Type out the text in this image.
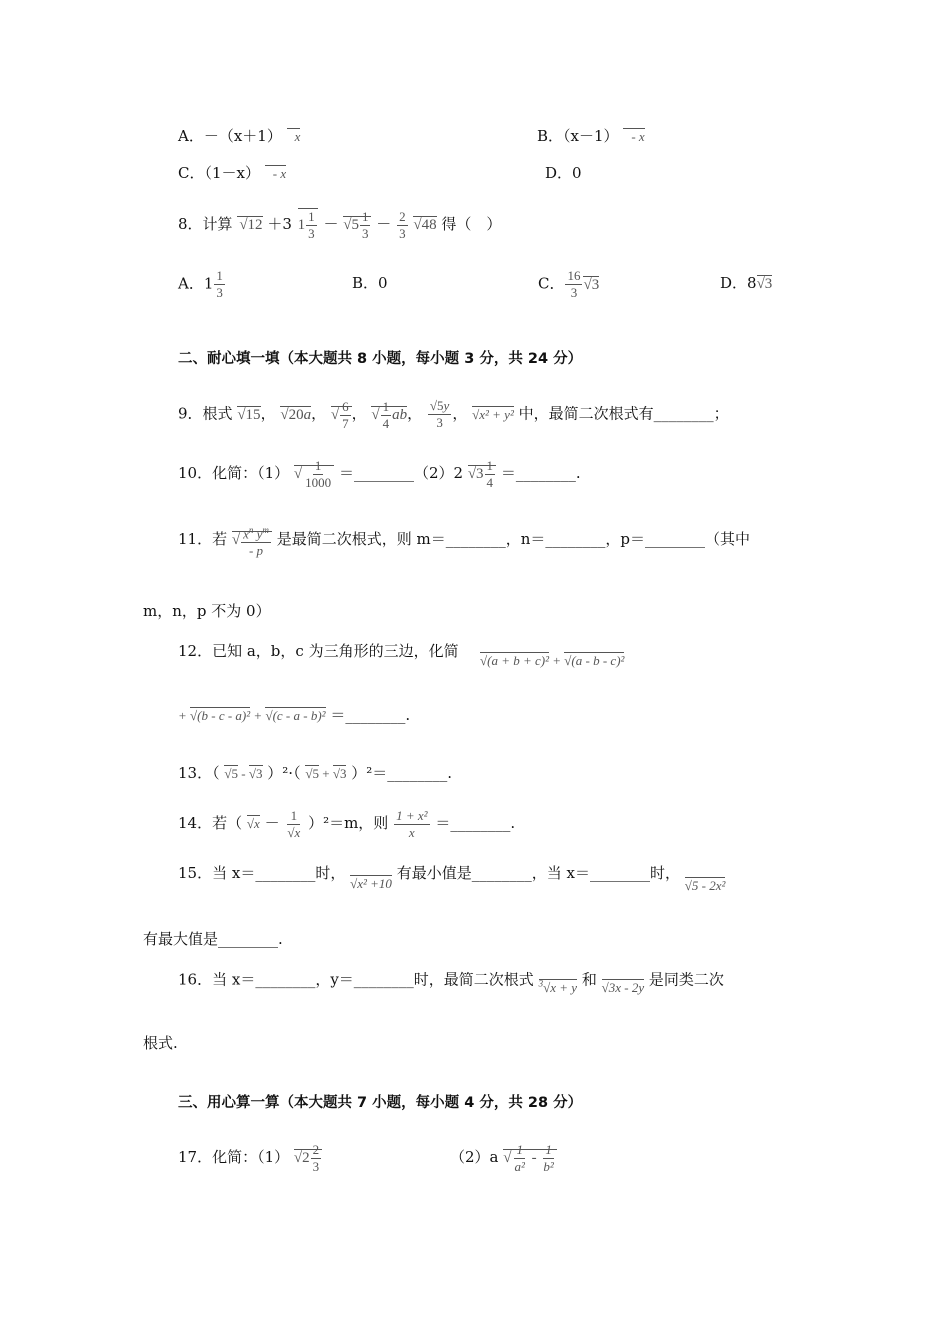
A．－（x＋1） x	B．（x－1） - x
C．（1－x） - x	D．0
8．计算 √12 ＋3 $1 \frac{1}{3} - √5 \frac{1}{3} - \frac{2}{3} √48$ 得（　）
A．$1 \frac{1}{3}$	B．0	C． $\frac{16}{3} √3$	D．8√3
二、耐心填一填（本大题共 8 小题，每小题 3 分，共 24 分）
9．根式 √15， √20a， √ $\frac{6}{7}$ ， √ $\frac{1}{4}$ ab， $\frac{√5y}{3}$ ， √x² + y² 中，最简二次根式有________；
10．化简：（1） √ $\frac{1}{1000}$ ＝________（2）2 $√3 \frac{1}{4}$ ＝________.
11．若 √ $\frac{x^n y^m}{- p}$ 是最简二次根式，则 m＝________，n＝________，p＝________（其中
m，n，p 不为 0）
12．已知 a，b，c 为三角形的三边，化简
√(a + b + c)² + √(a - b - c)²
+ √(b - c - a)² + √(c - a - b)² ＝________.
13．（ √5 - √3 ）²·（ √5 + √3 ）²＝________.
14．若（ $√x - \frac{1}{√x} )^2=m$，则 $\frac{\text{1 + x²}}{x}$ ＝________.
15．当 x＝________时， √x² +10 有最小值是________，当 x＝________时， √5 - 2x²
有最大值是________.
16．当 x＝________，y＝________时，最简二次根式 $^3$√x + y 和 √3x - 2y 是同类二次
根式.
三、用心算一算（本大题共 7 小题，每小题 4 分，共 28 分）
17．化简：（1） $√2 \frac{2}{3}$	（2）a √ $\frac{1}{\text{a²}} - \frac{1}{\text{b²}}$
